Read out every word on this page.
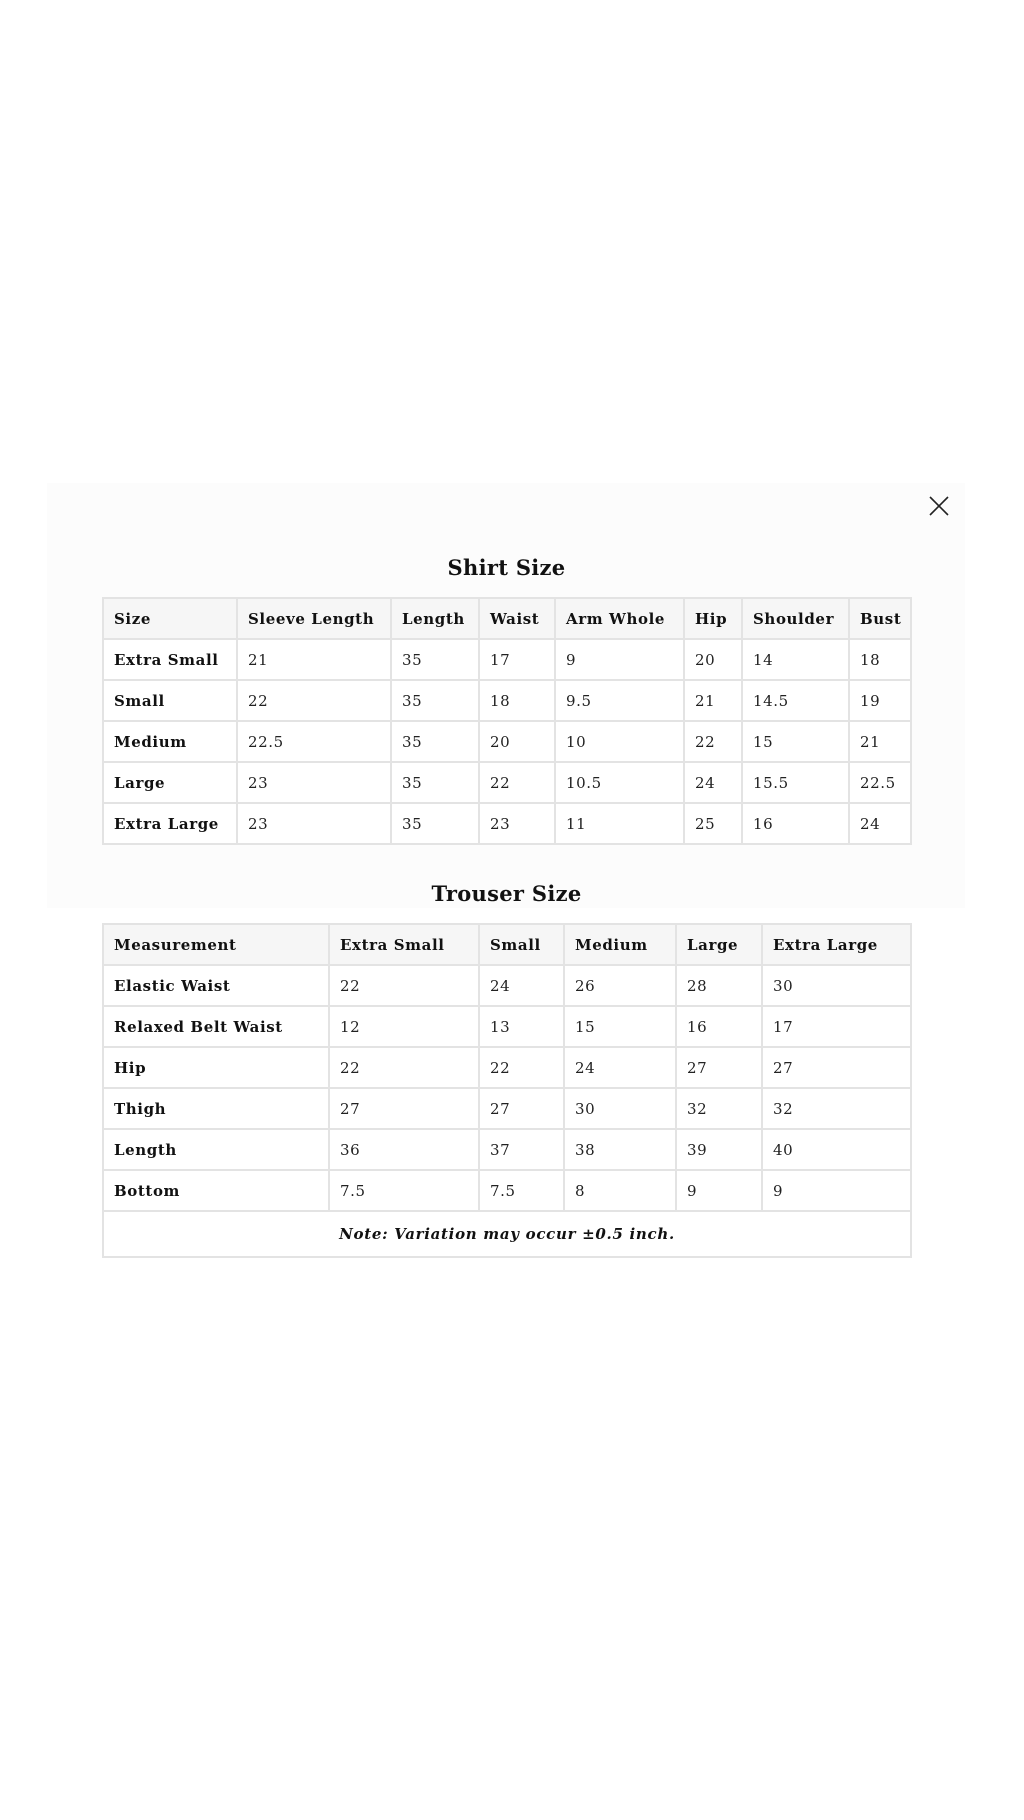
Shirt Size
Size	Sleeve Length	Length	Waist	Arm Whole	Hip	Shoulder	Bust
Extra Small	21	35	17	9	20	14	18
Small	22	35	18	9.5	21	14.5	19
Medium	22.5	35	20	10	22	15	21
Large	23	35	22	10.5	24	15.5	22.5
Extra Large	23	35	23	11	25	16	24
Trouser Size
Measurement	Extra Small	Small	Medium	Large	Extra Large
Elastic Waist	22	24	26	28	30
Relaxed Belt Waist	12	13	15	16	17
Hip	22	22	24	27	27
Thigh	27	27	30	32	32
Length	36	37	38	39	40
Bottom	7.5	7.5	8	9	9
Note: Variation may occur ±0.5 inch.					
